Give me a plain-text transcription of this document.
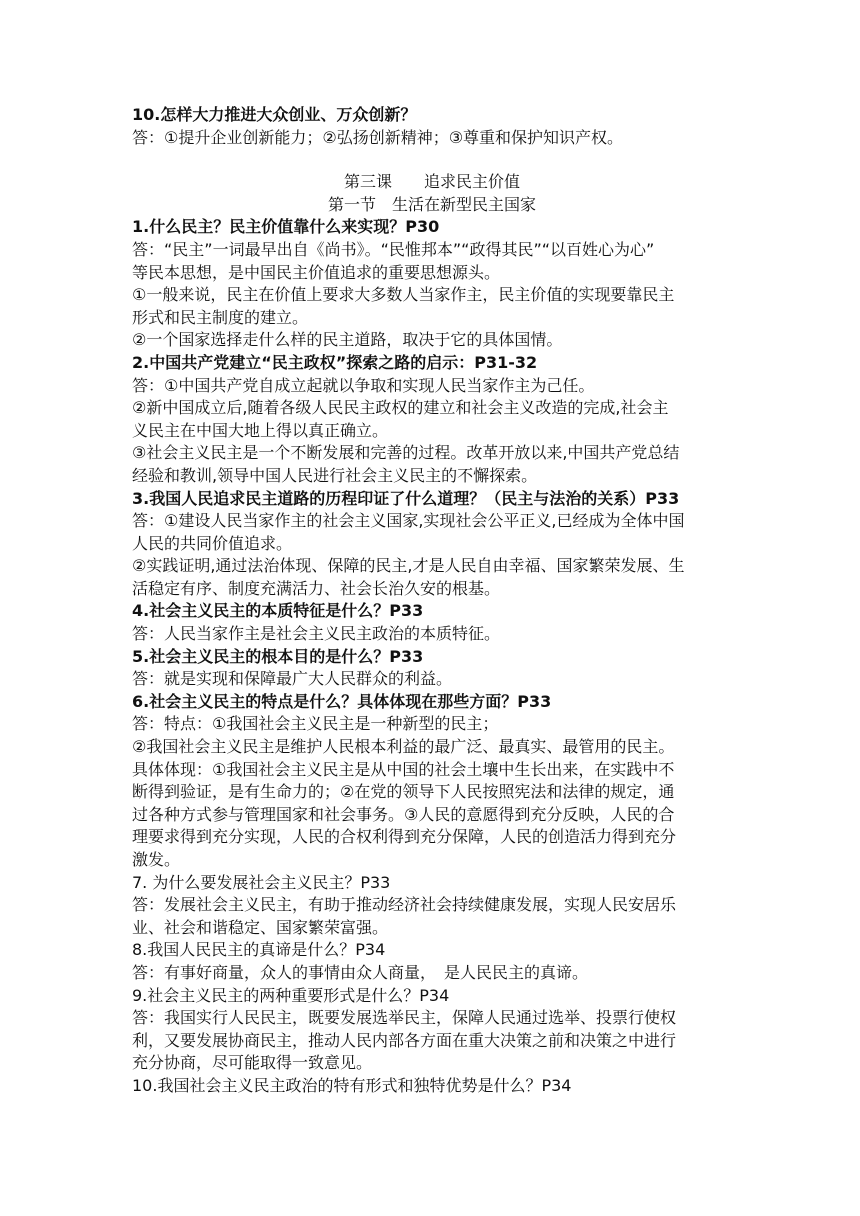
10.怎样大力推进大众创业、万众创新？
答：①提升企业创新能力；②弘扬创新精神；③尊重和保护知识产权。
第三课　　追求民主价值
第一节　生活在新型民主国家
1.什么民主？民主价值靠什么来实现？P30
答：“民主”一词最早出自《尚书》。“民惟邦本”“政得其民”“以百姓心为心”
等民本思想，是中国民主价值追求的重要思想源头。
①一般来说，民主在价值上要求大多数人当家作主，民主价值的实现要靠民主
形式和民主制度的建立。
②一个国家选择走什么样的民主道路，取决于它的具体国情。
2.中国共产党建立“民主政权”探索之路的启示：P31-32
答：①中国共产党自成立起就以争取和实现人民当家作主为己任。
②新中国成立后,随着各级人民民主政权的建立和社会主义改造的完成,社会主
义民主在中国大地上得以真正确立。
③社会主义民主是一个不断发展和完善的过程。改革开放以来,中国共产党总结
经验和教训,领导中国人民进行社会主义民主的不懈探索。
3.我国人民追求民主道路的历程印证了什么道理？（民主与法治的关系）P33
答：①建设人民当家作主的社会主义国家,实现社会公平正义,已经成为全体中国
人民的共同价值追求。
②实践证明,通过法治体现、保障的民主,才是人民自由幸福、国家繁荣发展、生
活稳定有序、制度充满活力、社会长治久安的根基。
4.社会主义民主的本质特征是什么？P33
答：人民当家作主是社会主义民主政治的本质特征。
5.社会主义民主的根本目的是什么？P33
答：就是实现和保障最广大人民群众的利益。
6.社会主义民主的特点是什么？具体体现在那些方面？P33
答：特点：①我国社会主义民主是一种新型的民主；
②我国社会主义民主是维护人民根本利益的最广泛、最真实、最管用的民主。
具体体现：①我国社会主义民主是从中国的社会土壤中生长出来，在实践中不
断得到验证，是有生命力的；②在党的领导下人民按照宪法和法律的规定，通
过各种方式参与管理国家和社会事务。③人民的意愿得到充分反映，人民的合
理要求得到充分实现，人民的合权利得到充分保障，人民的创造活力得到充分
激发。
7. 为什么要发展社会主义民主？P33
答：发展社会主义民主，有助于推动经济社会持续健康发展，实现人民安居乐
业、社会和谐稳定、国家繁荣富强。
8.我国人民民主的真谛是什么？P34
答：有事好商量，众人的事情由众人商量，　是人民民主的真谛。
9.社会主义民主的两种重要形式是什么？P34
答：我国实行人民民主，既要发展选举民主，保障人民通过选举、投票行使权
利，又要发展协商民主，推动人民内部各方面在重大决策之前和决策之中进行
充分协商，尽可能取得一致意见。
10.我国社会主义民主政治的特有形式和独特优势是什么？P34
